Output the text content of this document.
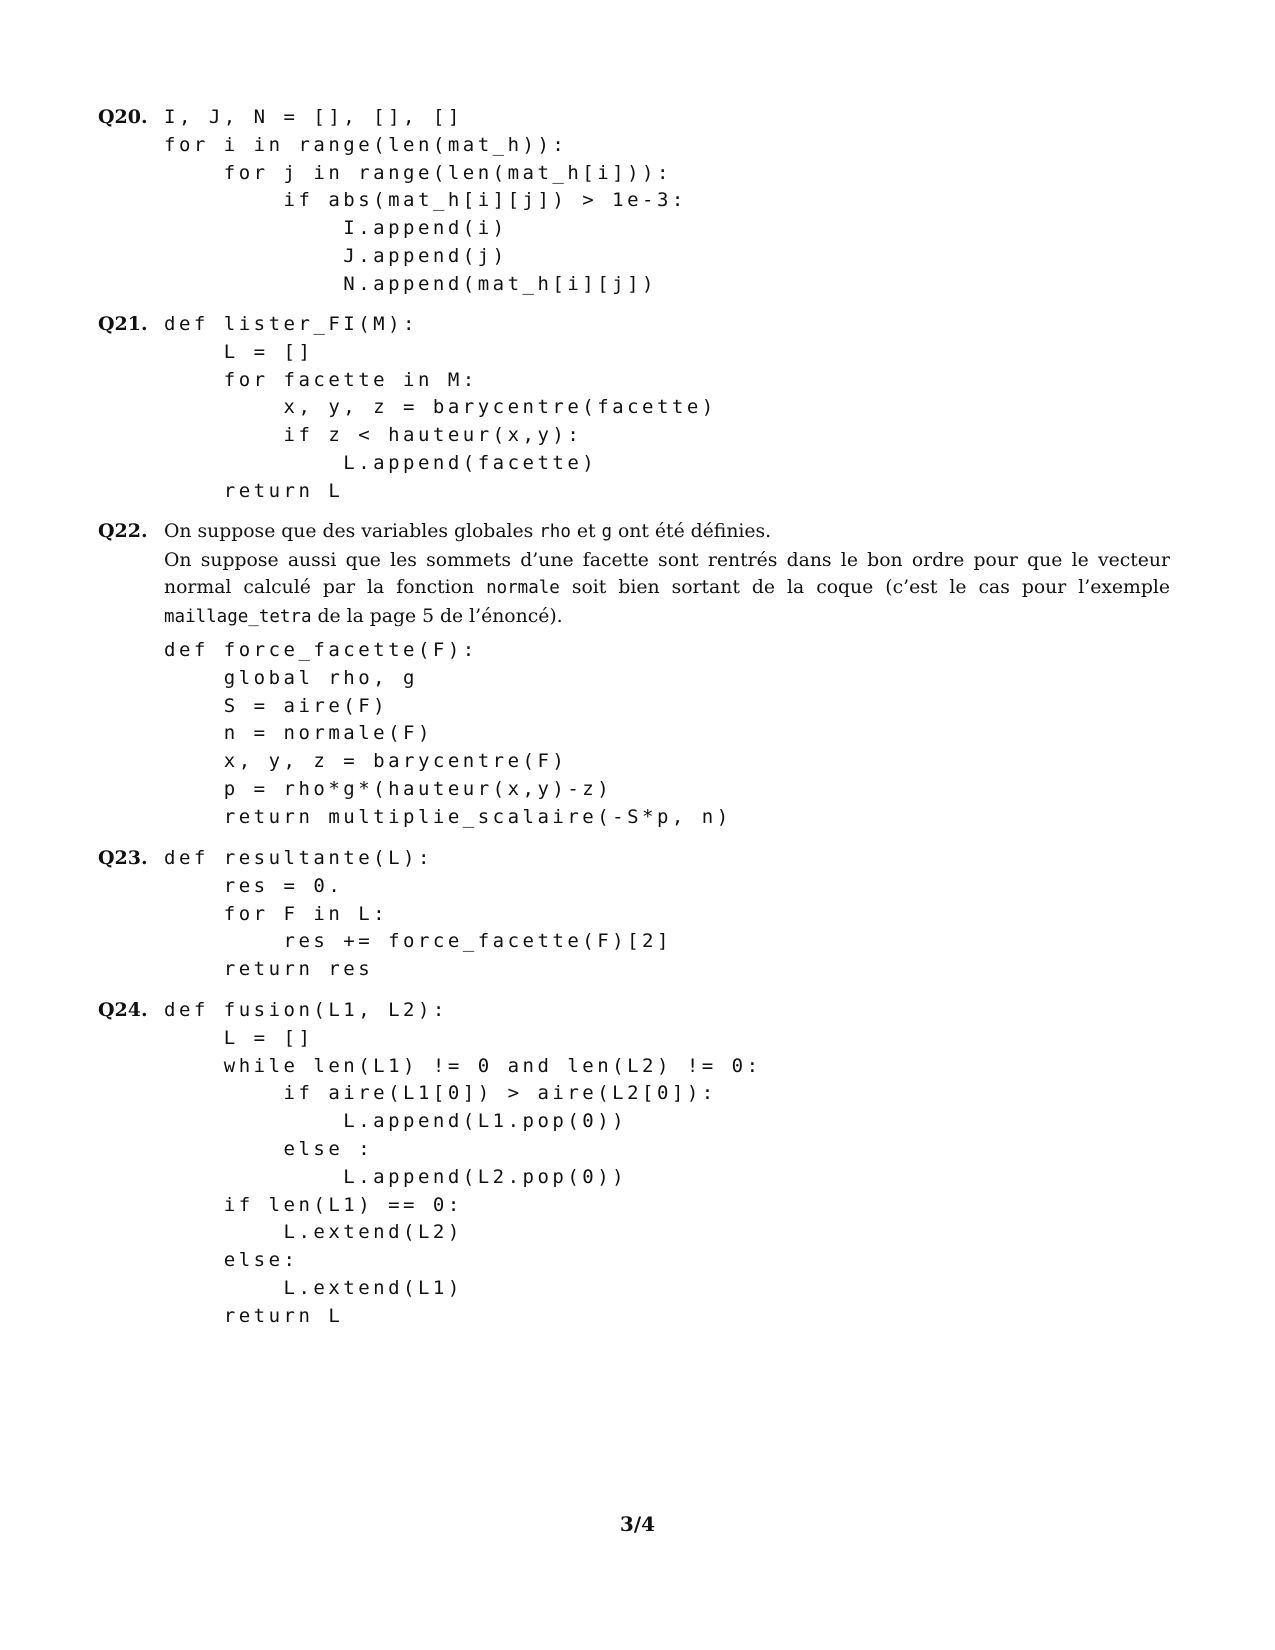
Q20. I, J, N = [], [], []
for i in range(len(mat_h)):
for j in range(len(mat_h[i])):
if abs(mat_h[i][j]) > 1e-3:
I.append(i)
J.append(j)
N.append(mat_h[i][j])
Q21. def lister_FI(M):
L = []
for facette in M:
x, y, z = barycentre(facette)
if z < hauteur(x,y):
L.append(facette)
return L
Q22. On suppose que des variables globales rho et g ont été définies.

On suppose aussi que les sommets d’une facette sont rentrés dans le bon ordre pour que le vecteur normal calculé par la fonction normale soit bien sortant de la coque (c’est le cas pour l’exemple maillage_tetra de la page 5 de l’énoncé).

def force_facette(F):
global rho, g
S = aire(F)
n = normale(F)
x, y, z = barycentre(F)
p = rho*g*(hauteur(x,y)-z)
return multiplie_scalaire(-S*p, n)
Q23. def resultante(L):
res = 0.
for F in L:
res += force_facette(F)[2]
return res
Q24. def fusion(L1, L2):
L = []
while len(L1) != 0 and len(L2) != 0:
if aire(L1[0]) > aire(L2[0]):
L.append(L1.pop(0))
else :
L.append(L2.pop(0))
if len(L1) == 0:
L.extend(L2)
else:
L.extend(L1)
return L
3/4
